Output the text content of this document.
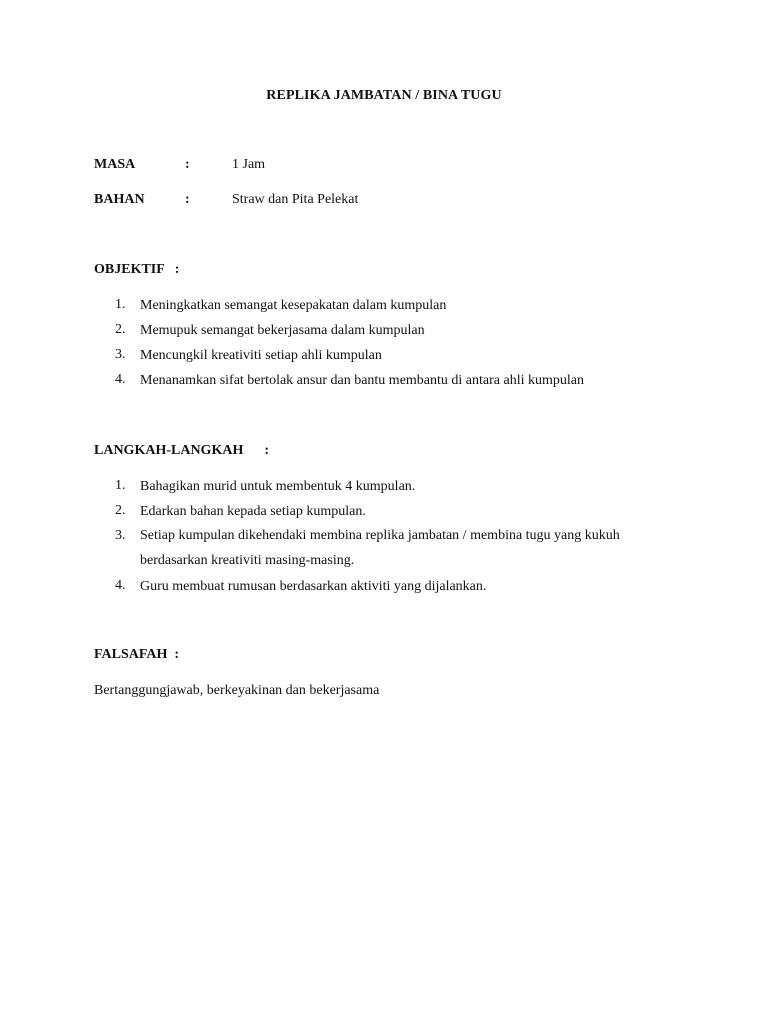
REPLIKA JAMBATAN / BINA TUGU
MASA	:	1 Jam
BAHAN	:	Straw dan Pita Pelekat
OBJEKTIF   :
1. Meningkatkan semangat kesepakatan dalam kumpulan
2. Memupuk semangat bekerjasama dalam kumpulan
3. Mencungkil kreativiti setiap ahli kumpulan
4. Menanamkan sifat bertolak ansur dan bantu membantu di antara ahli kumpulan
LANGKAH-LANGKAH      :
1. Bahagikan murid untuk membentuk 4 kumpulan.
2. Edarkan bahan kepada setiap kumpulan.
3. Setiap kumpulan dikehendaki membina replika jambatan / membina tugu yang kukuh berdasarkan kreativiti masing-masing.
4. Guru membuat rumusan berdasarkan aktiviti yang dijalankan.
FALSAFAH  :
Bertanggungjawab, berkeyakinan dan bekerjasama
